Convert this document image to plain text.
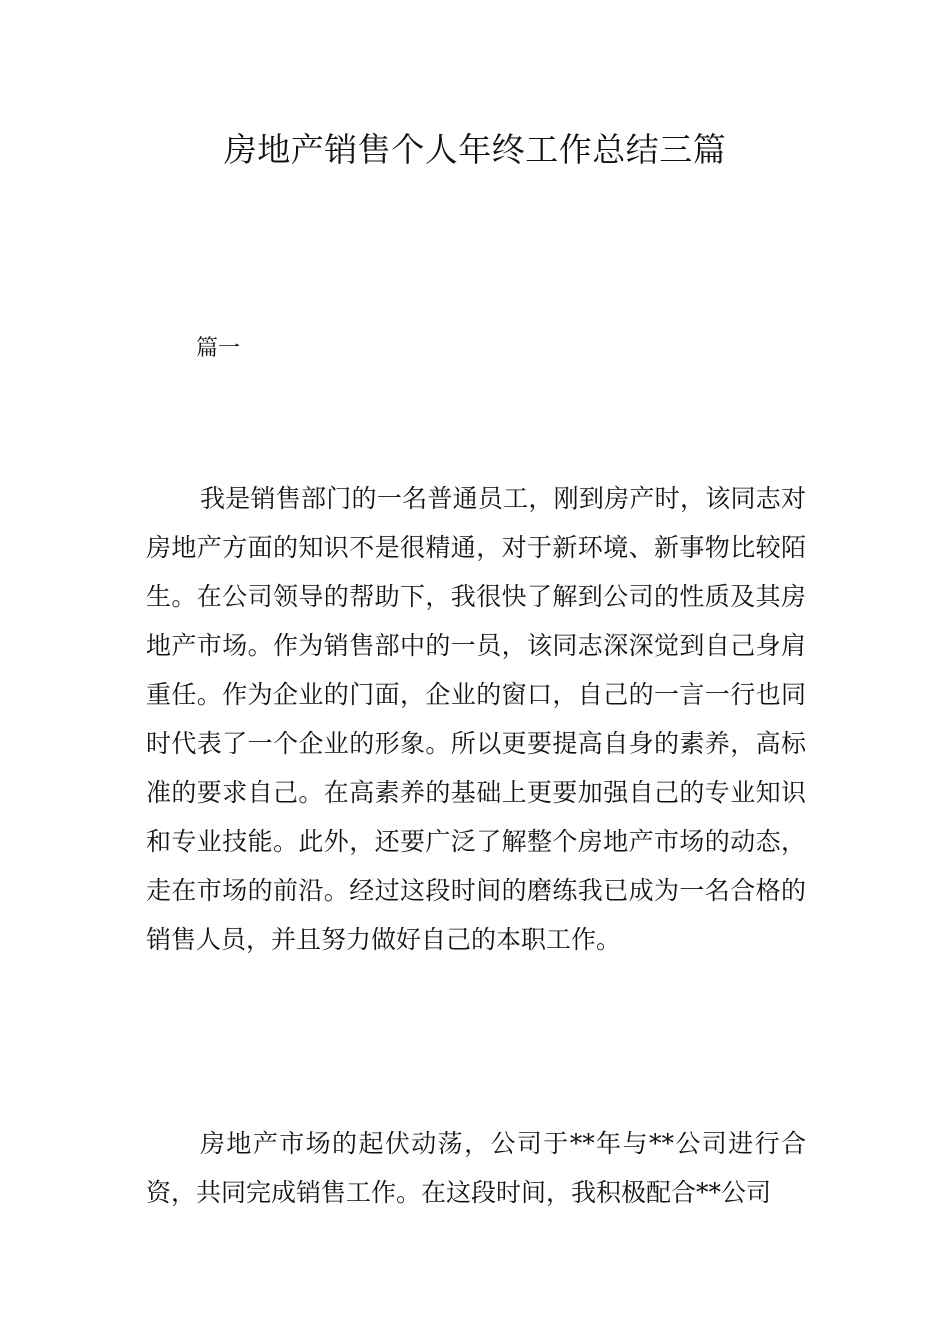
房地产销售个人年终工作总结三篇
篇一

我是销售部门的一名普通员工，刚到房产时，该同志对房地产方面的知识不是很精通，对于新环境、新事物比较陌生。在公司领导的帮助下，我很快了解到公司的性质及其房地产市场。作为销售部中的一员，该同志深深觉到自己身肩重任。作为企业的门面，企业的窗口，自己的一言一行也同时代表了一个企业的形象。所以更要提高自身的素养，高标准的要求自己。在高素养的基础上更要加强自己的专业知识和专业技能。此外，还要广泛了解整个房地产市场的动态，走在市场的前沿。经过这段时间的磨练我已成为一名合格的销售人员，并且努力做好自己的本职工作。

房地产市场的起伏动荡，公司于**年与**公司进行合资，共同完成销售工作。在这段时间，我积极配合**公司
